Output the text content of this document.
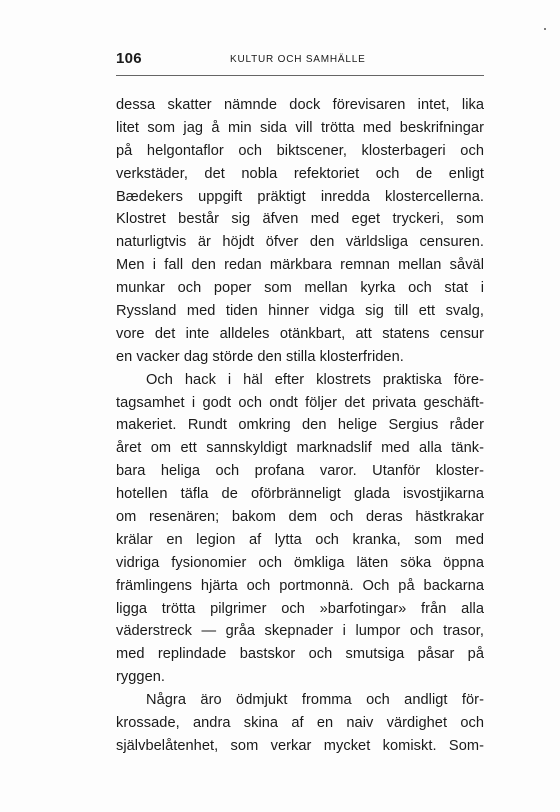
106	KULTUR OCH SAMHÄLLE
dessa skatter nämnde dock förevisaren intet, lika
litet som jag å min sida vill trötta med beskrifningar
på helgontaflor och biktscener, klosterbageri och
verkstäder, det nobla refektoriet och de enligt
Bædekers uppgift präktigt inredda klostercellerna.
Klostret består sig äfven med eget tryckeri, som
naturligtvis är höjdt öfver den världsliga censuren.
Men i fall den redan märkbara remnan mellan såväl
munkar och poper som mellan kyrka och stat i
Ryssland med tiden hinner vidga sig till ett svalg,
vore det inte alldeles otänkbart, att statens censur
en vacker dag störde den stilla klosterfriden.
Och hack i häl efter klostrets praktiska före-
tagsamhet i godt och ondt följer det privata geschäft-
makeriet. Rundt omkring den helige Sergius råder
året om ett sannskyldigt marknadslif med alla tänk-
bara heliga och profana varor. Utanför kloster-
hotellen täfla de oförbränneligt glada isvostjikarna
om resenären; bakom dem och deras hästkrakar
krälar en legion af lytta och kranka, som med
vidriga fysionomier och ömkliga läten söka öppna
främlingens hjärta och portmonnä. Och på backarna
ligga trötta pilgrimer och »barfotingar» från alla
väderstreck — gråa skepnader i lumpor och trasor,
med replindade bastskor och smutsiga påsar på
ryggen.
Några äro ödmjukt fromma och andligt för-
krossade, andra skina af en naiv värdighet och
självbelåtenhet, som verkar mycket komiskt. Som-
